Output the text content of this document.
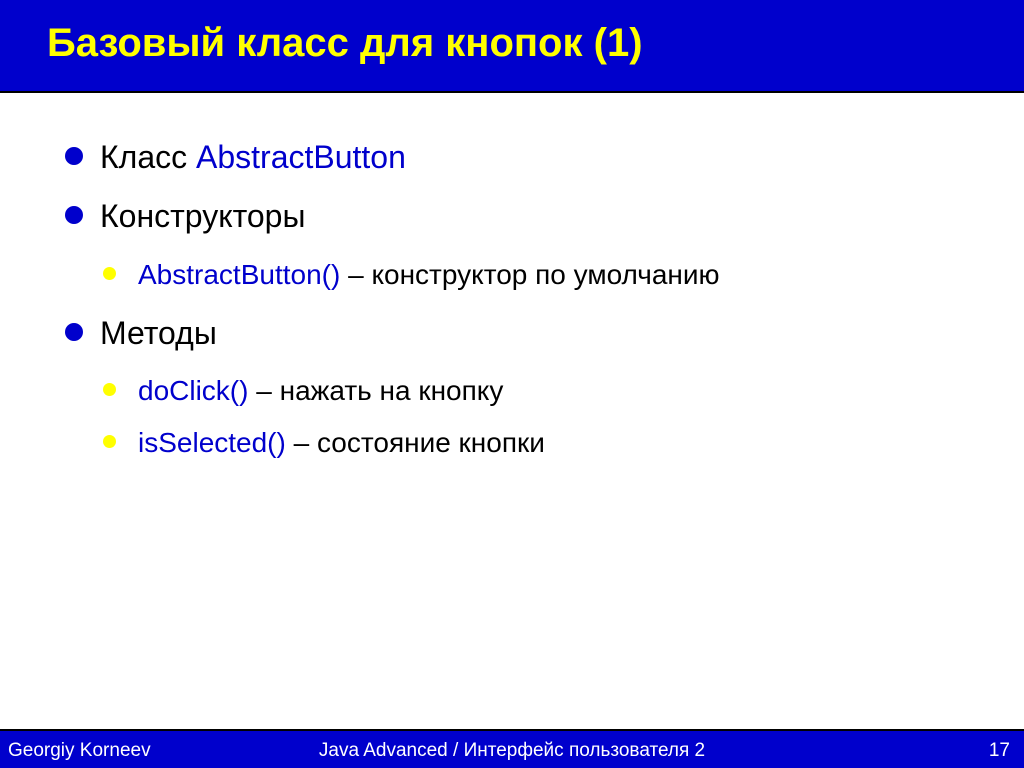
Базовый класс для кнопок (1)
Класс AbstractButton
Конструкторы
AbstractButton() – конструктор по умолчанию
Методы
doClick() – нажать на кнопку
isSelected() – состояние кнопки
Georgiy Korneev	Java Advanced / Интерфейс пользователя 2	17
